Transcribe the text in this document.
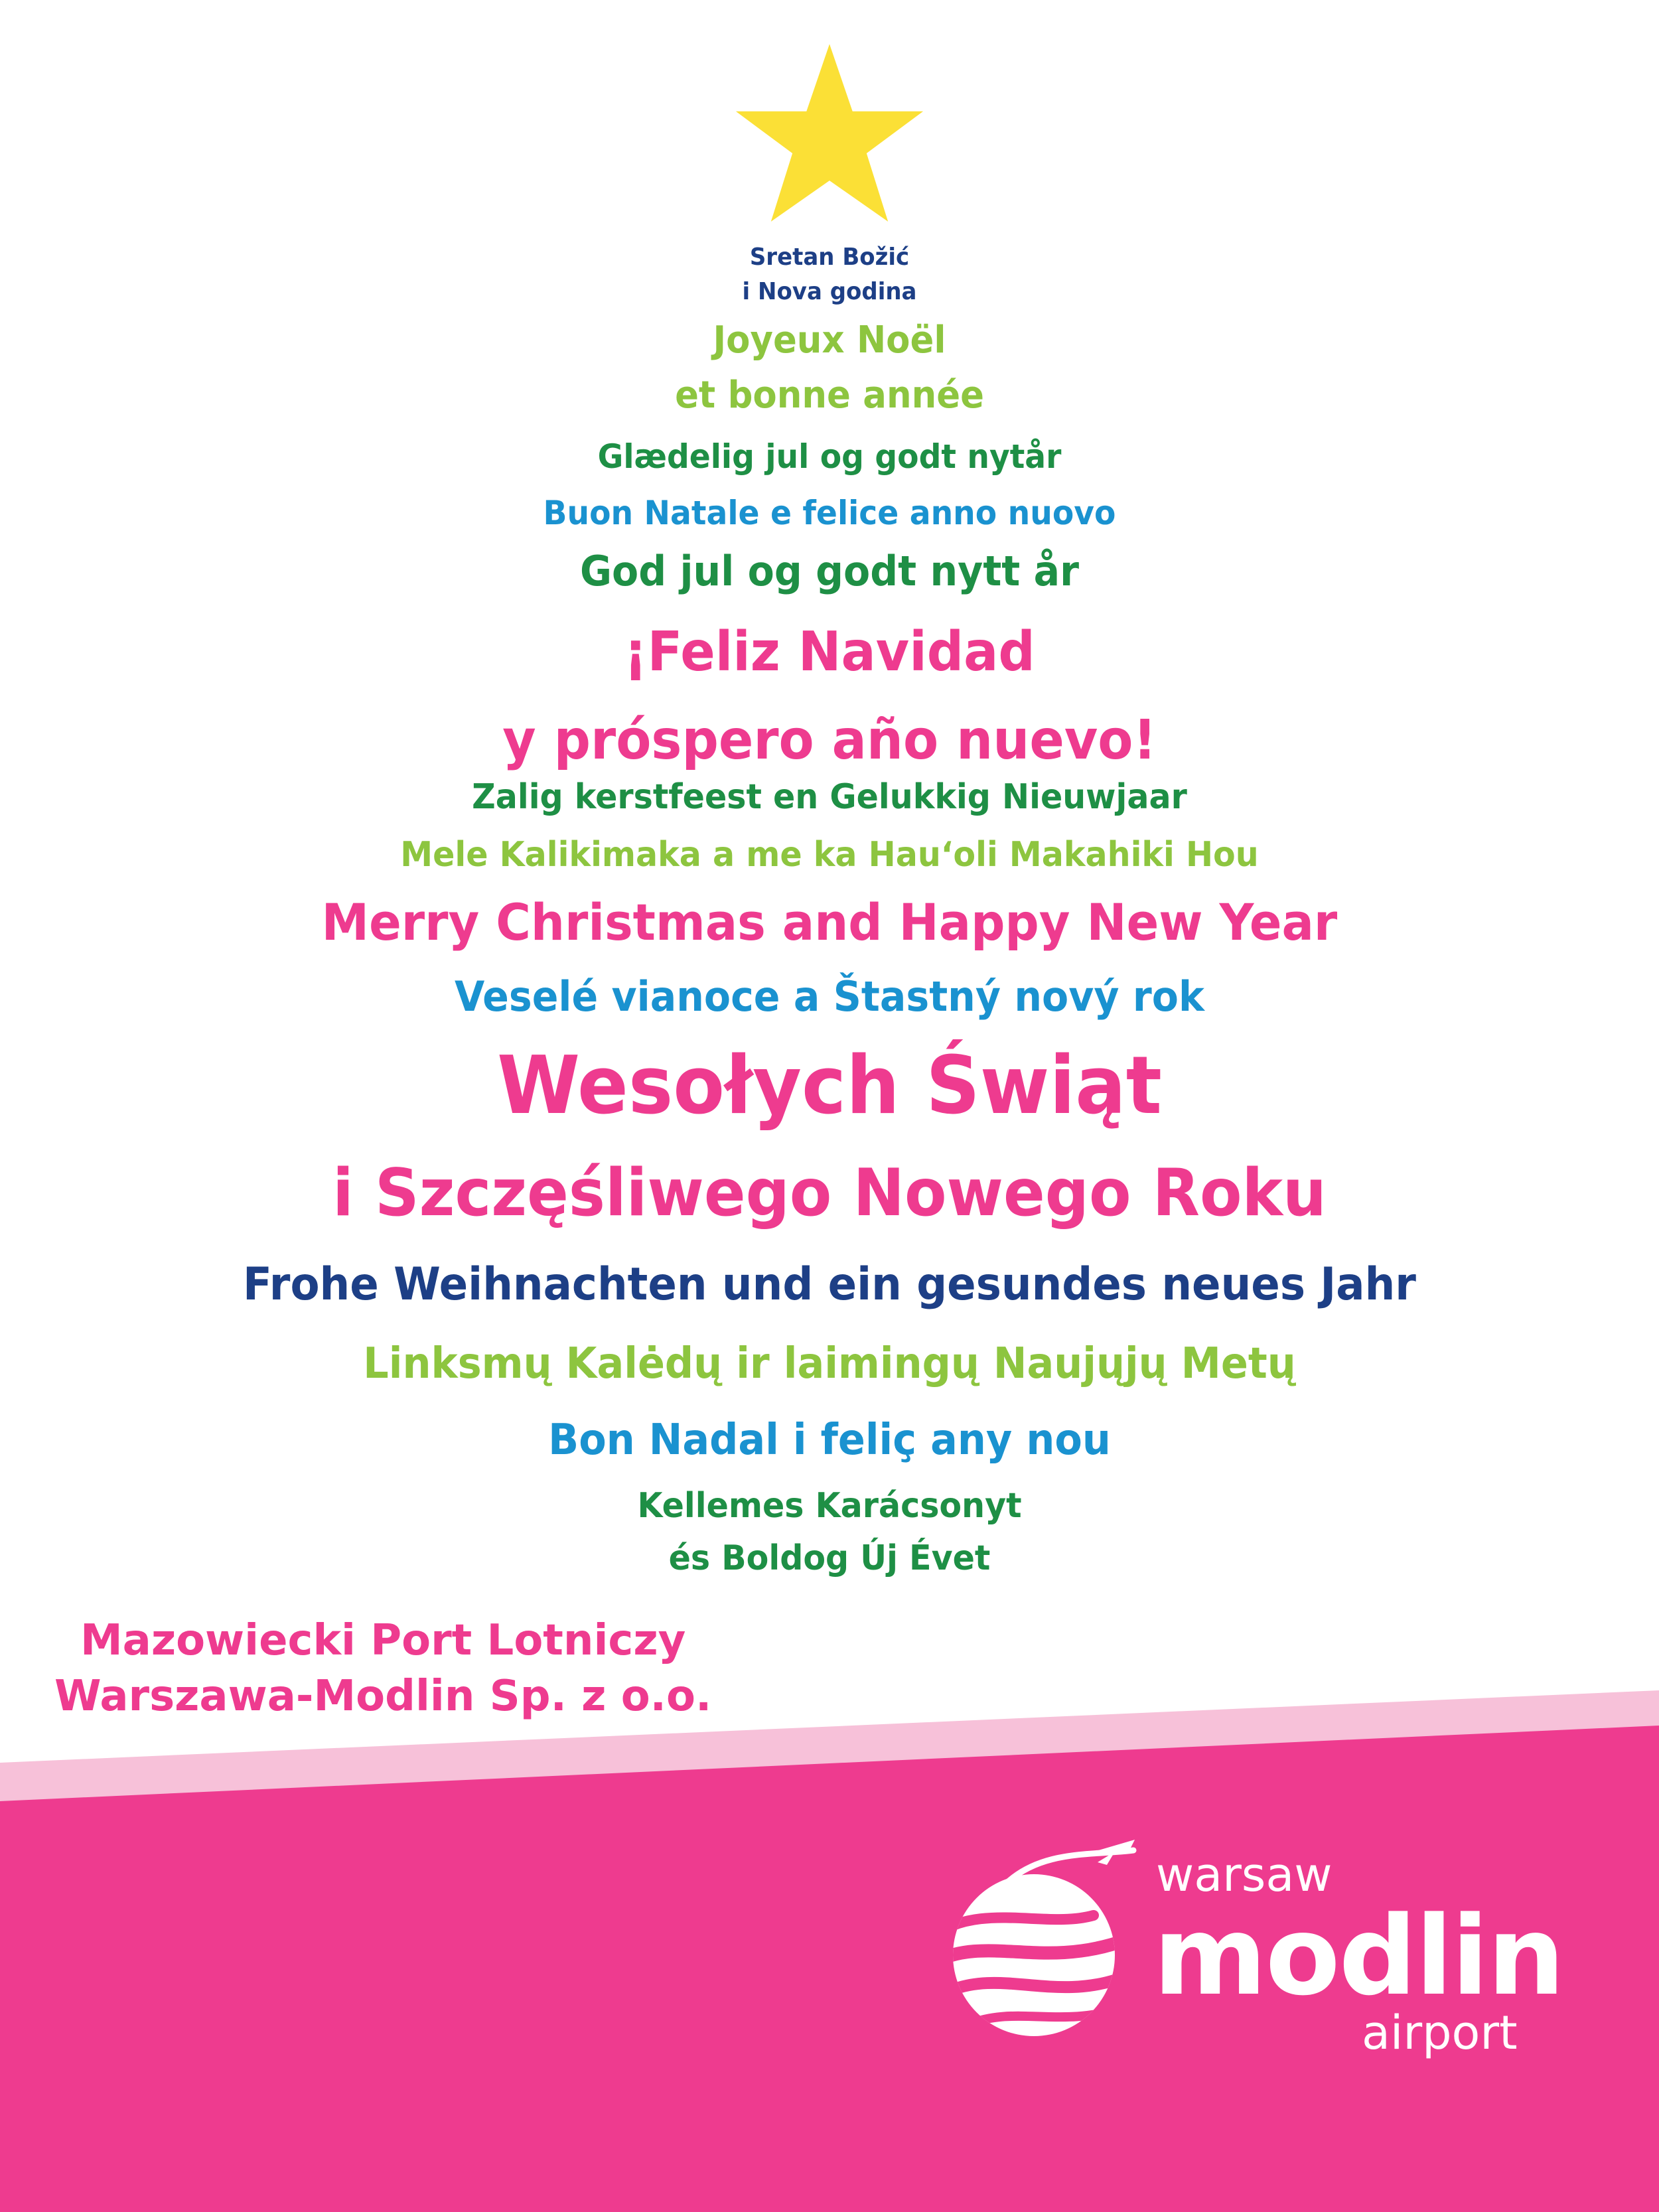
Sretan Božić
i Nova godina
Joyeux Noël
et bonne année
Glædelig jul og godt nytår
Buon Natale e felice anno nuovo
God jul og godt nytt år
¡Feliz Navidad
y próspero año nuevo!
Zalig kerstfeest en Gelukkig Nieuwjaar
Mele Kalikimaka a me ka Hauʻoli Makahiki Hou
Merry Christmas and Happy New Year
Veselé vianoce a Štastný nový rok
Wesołych Świąt
i Szczęśliwego Nowego Roku
Frohe Weihnachten und ein gesundes neues Jahr
Linksmų Kalėdų ir laimingų Naujųjų Metų
Bon Nadal i feliç any nou
Kellemes Karácsonyt
és Boldog Új Évet
Mazowiecki Port Lotniczy
Warszawa-Modlin Sp. z o.o.
warsaw
modlin
airport
